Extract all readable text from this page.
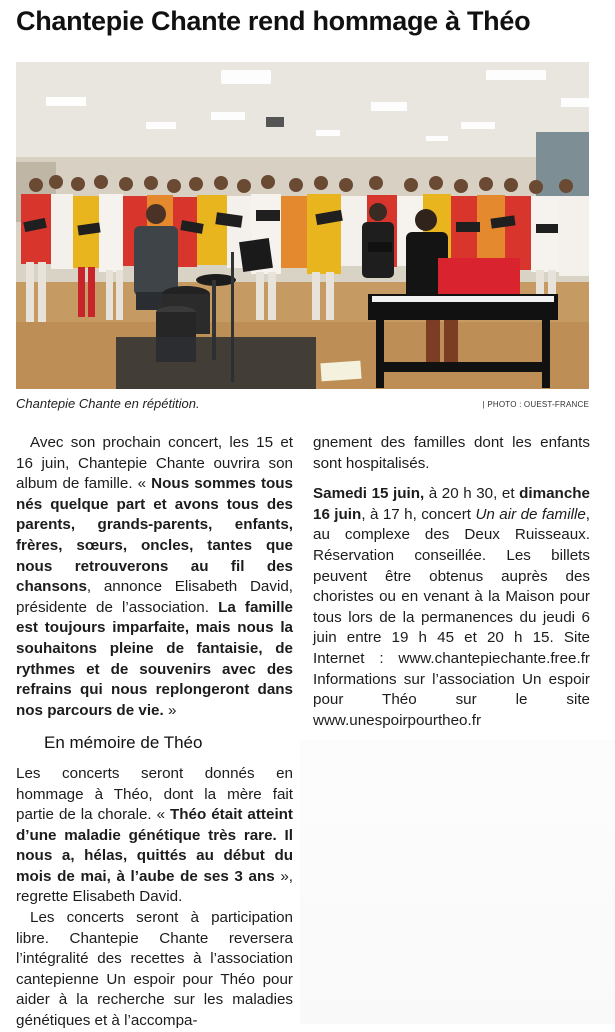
Chantepie Chante rend hommage à Théo
Chantepie Chante en répétition.	| PHOTO : OUEST-FRANCE

Avec son prochain concert, les 15 et 16 juin, Chantepie Chante ouvrira son album de famille. « Nous sommes tous nés quelque part et avons tous des parents, grands-parents, enfants, frères, sœurs, oncles, tantes que nous retrouverons au fil des chansons, annonce Elisabeth David, présidente de l’association. La famille est toujours imparfaite, mais nous la souhaitons pleine de fantaisie, de rythmes et de souvenirs avec des refrains qui nous replongeront dans nos parcours de vie. »

En mémoire de Théo

Les concerts seront donnés en hommage à Théo, dont la mère fait partie de la chorale. « Théo était atteint d’une maladie génétique très rare. Il nous a, hélas, quittés au début du mois de mai, à l’aube de ses 3 ans », regrette Elisabeth David.

Les concerts seront à participation libre. Chantepie Chante reversera l’intégralité des recettes à l’association cantepienne Un espoir pour Théo pour aider à la recherche sur les maladies génétiques et à l’accompa-

gnement des familles dont les enfants sont hospitalisés.

Samedi 15 juin, à 20 h 30, et dimanche 16 juin, à 17 h, concert Un air de famille, au complexe des Deux Ruisseaux. Réservation conseillée. Les billets peuvent être obtenus auprès des choristes ou en venant à la Maison pour tous lors de la permanences du jeudi 6 juin entre 19 h 45 et 20 h 15. Site Internet : www.chantepiechante.free.fr Informations sur l’association Un espoir pour Théo sur le site www.unespoirpourtheo.fr
